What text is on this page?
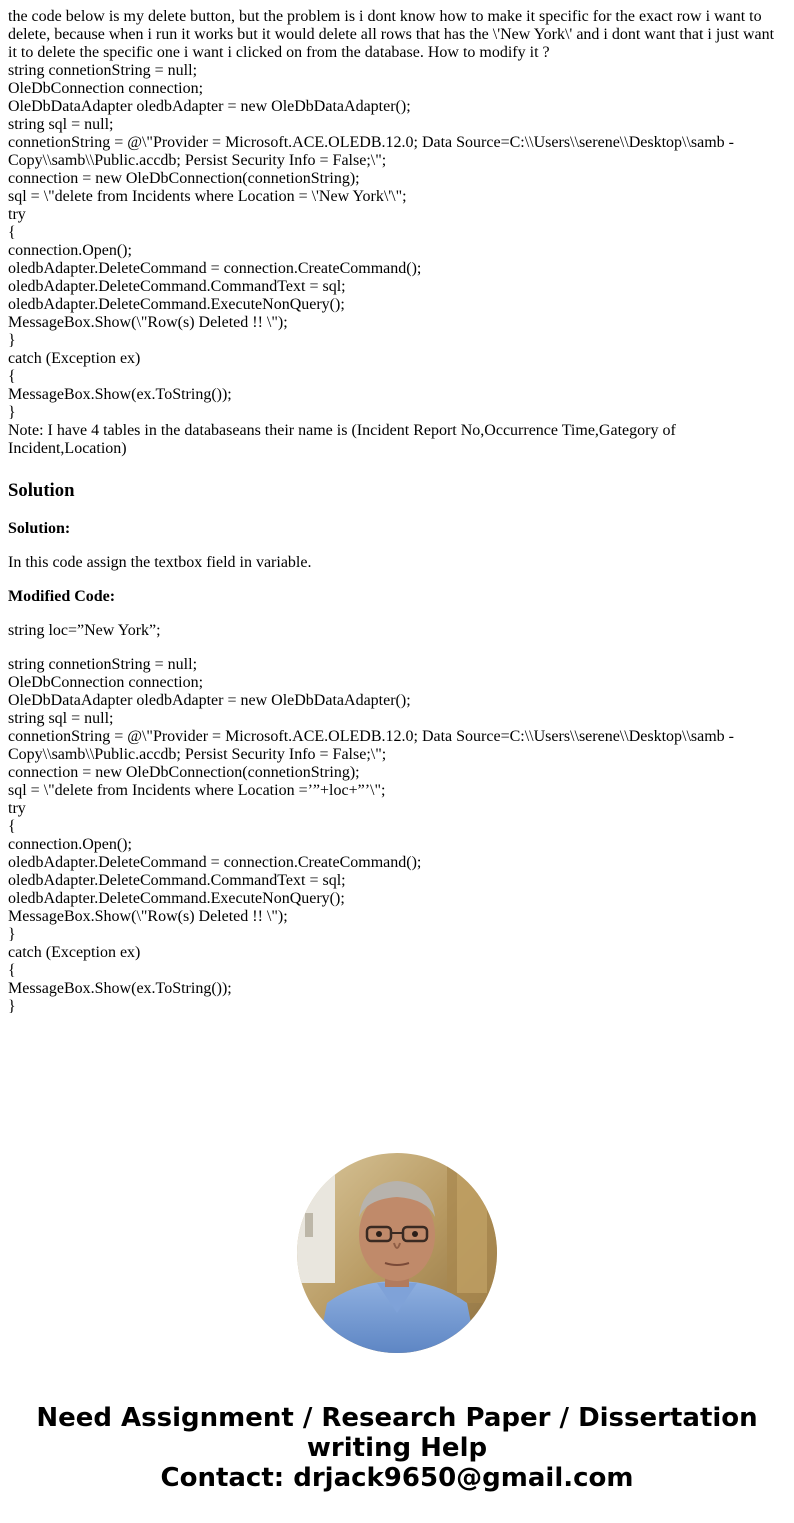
the code below is my delete button, but the problem is i dont know how to make it specific for the exact row i want to delete, because when i run it works but it would delete all rows that has the \'New York\' and i dont want that i just want it to delete the specific one i want i clicked on from the database. How to modify it ?
string connetionString = null;
OleDbConnection connection;
OleDbDataAdapter oledbAdapter = new OleDbDataAdapter();
string sql = null;
connetionString = @\"Provider = Microsoft.ACE.OLEDB.12.0; Data Source=C:\\Users\\serene\\Desktop\\samb - Copy\\samb\\Public.accdb; Persist Security Info = False;\";
connection = new OleDbConnection(connetionString);
sql = \"delete from Incidents where Location = \'New York\'\";
try
{
connection.Open();
oledbAdapter.DeleteCommand = connection.CreateCommand();
oledbAdapter.DeleteCommand.CommandText = sql;
oledbAdapter.DeleteCommand.ExecuteNonQuery();
MessageBox.Show(\"Row(s) Deleted !! \");
}
catch (Exception ex)
{
MessageBox.Show(ex.ToString());
}
Note: I have 4 tables in the databaseans their name is (Incident Report No,Occurrence Time,Gategory of Incident,Location)
Solution
Solution:
In this code assign the textbox field in variable.
Modified Code:
string loc=”New York”;
string connetionString = null;
OleDbConnection connection;
OleDbDataAdapter oledbAdapter = new OleDbDataAdapter();
string sql = null;
connetionString = @\"Provider = Microsoft.ACE.OLEDB.12.0; Data Source=C:\\Users\\serene\\Desktop\\samb - Copy\\samb\\Public.accdb; Persist Security Info = False;\";
connection = new OleDbConnection(connetionString);
sql = \"delete from Incidents where Location =’”+loc+”’\";
try
{
connection.Open();
oledbAdapter.DeleteCommand = connection.CreateCommand();
oledbAdapter.DeleteCommand.CommandText = sql;
oledbAdapter.DeleteCommand.ExecuteNonQuery();
MessageBox.Show(\"Row(s) Deleted !! \");
}
catch (Exception ex)
{
MessageBox.Show(ex.ToString());
}
Need Assignment / Research Paper / Dissertation
writing Help
Contact: drjack9650@gmail.com
